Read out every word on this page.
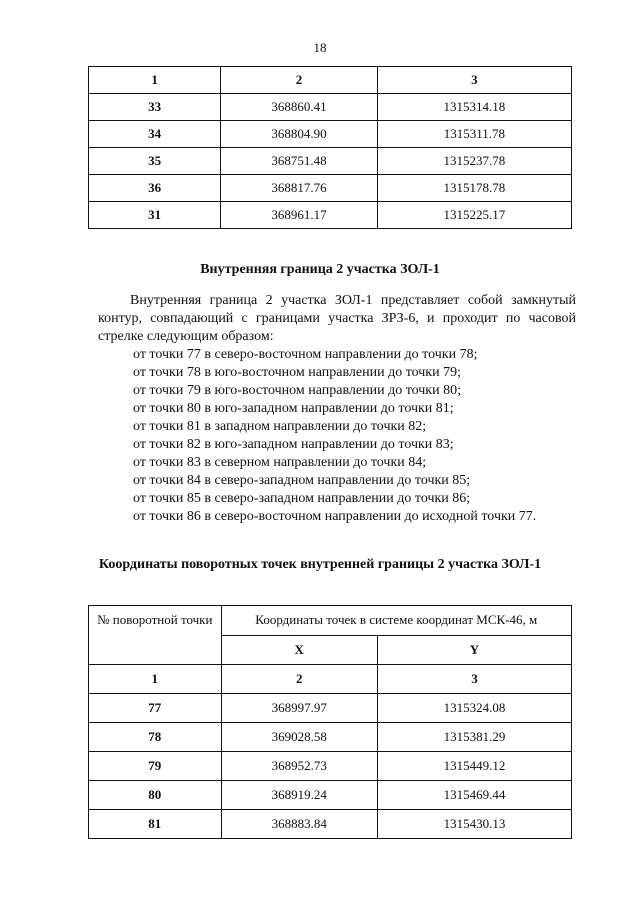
18
1	2	3
33	368860.41	1315314.18
34	368804.90	1315311.78
35	368751.48	1315237.78
36	368817.76	1315178.78
31	368961.17	1315225.17
Внутренняя граница 2 участка ЗОЛ-1
Внутренняя граница 2 участка ЗОЛ-1 представляет собой замкнутый контур, совпадающий с границами участка ЗРЗ-6, и проходит по часовой стрелке следующим образом:
от точки 77 в северо-восточном направлении до точки 78;
от точки 78 в юго-восточном направлении до точки 79;
от точки 79 в юго-восточном направлении до точки 80;
от точки 80 в юго-западном направлении до точки 81;
от точки 81 в западном направлении до точки 82;
от точки 82 в юго-западном направлении до точки 83;
от точки 83 в северном направлении до точки 84;
от точки 84 в северо-западном направлении до точки 85;
от точки 85 в северо-западном направлении до точки 86;
от точки 86 в северо-восточном направлении до исходной точки 77.
Координаты поворотных точек внутренней границы 2 участка ЗОЛ-1
№ поворотной точки	Координаты точек в системе координат МСК-46, м	
	X	Y
1	2	3
77	368997.97	1315324.08
78	369028.58	1315381.29
79	368952.73	1315449.12
80	368919.24	1315469.44
81	368883.84	1315430.13
